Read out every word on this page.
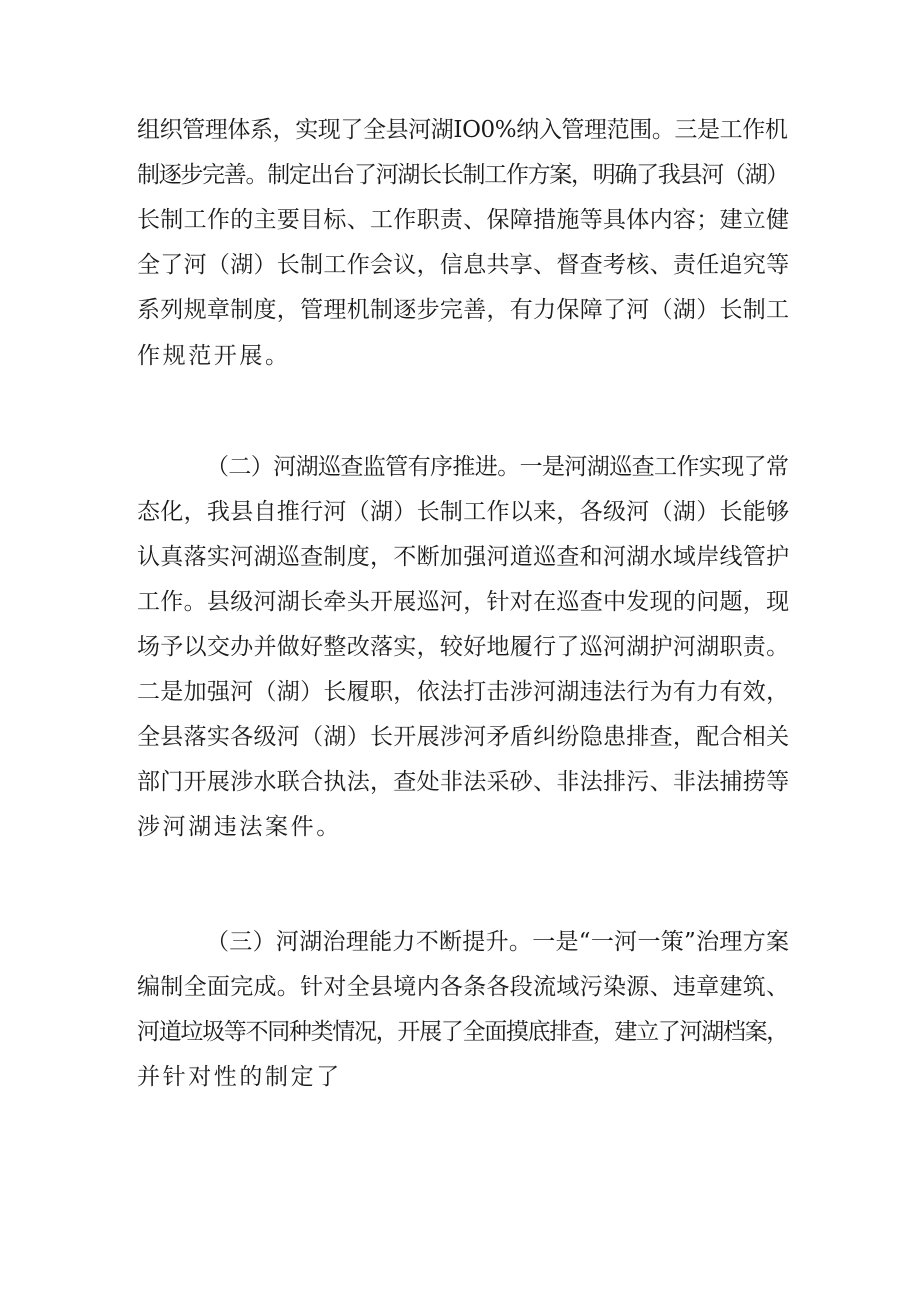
组织管理体系，实现了全县河湖IO0%纳入管理范围。三是工作机
制逐步完善。制定出台了河湖长长制工作方案，明确了我县河（湖）
长制工作的主要目标、工作职责、保障措施等具体内容；建立健
全了河（湖）长制工作会议，信息共享、督查考核、责任追究等
系列规章制度，管理机制逐步完善，有力保障了河（湖）长制工
作规范开展。
（二）河湖巡查监管有序推进。一是河湖巡查工作实现了常
态化，我县自推行河（湖）长制工作以来，各级河（湖）长能够
认真落实河湖巡查制度，不断加强河道巡查和河湖水域岸线管护
工作。县级河湖长牵头开展巡河，针对在巡查中发现的问题，现
场予以交办并做好整改落实，较好地履行了巡河湖护河湖职责。
二是加强河（湖）长履职，依法打击涉河湖违法行为有力有效，
全县落实各级河（湖）长开展涉河矛盾纠纷隐患排查，配合相关
部门开展涉水联合执法，查处非法采砂、非法排污、非法捕捞等
涉河湖违法案件。
（三）河湖治理能力不断提升。一是“一河一策”治理方案
编制全面完成。针对全县境内各条各段流域污染源、违章建筑、
河道垃圾等不同种类情况，开展了全面摸底排查，建立了河湖档案，
并针对性的制定了
